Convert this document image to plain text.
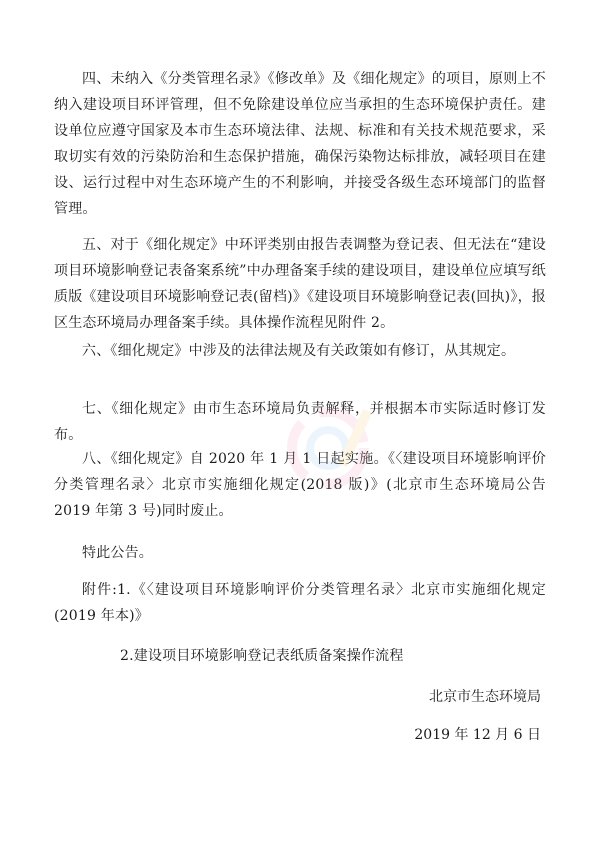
四、未纳入《分类管理名录》《修改单》及《细化规定》的项目，原则上不纳入建设项目环评管理，但不免除建设单位应当承担的生态环境保护责任。建设单位应遵守国家及本市生态环境法律、法规、标准和有关技术规范要求，采取切实有效的污染防治和生态保护措施，确保污染物达标排放，减轻项目在建设、运行过程中对生态环境产生的不利影响，并接受各级生态环境部门的监督管理。

五、对于《细化规定》中环评类别由报告表调整为登记表、但无法在“建设项目环境影响登记表备案系统”中办理备案手续的建设项目，建设单位应填写纸质版《建设项目环境影响登记表(留档)》《建设项目环境影响登记表(回执)》，报区生态环境局办理备案手续。具体操作流程见附件 2。

六、《细化规定》中涉及的法律法规及有关政策如有修订，从其规定。

七、《细化规定》由市生态环境局负责解释，并根据本市实际适时修订发布。

八、《细化规定》自 2020 年 1 月 1 日起实施。《〈建设项目环境影响评价分类管理名录〉北京市实施细化规定(2018 版)》(北京市生态环境局公告 2019 年第 3 号)同时废止。

特此公告。

附件:1.《〈建设项目环境影响评价分类管理名录〉北京市实施细化规定(2019 年本)》

2.建设项目环境影响登记表纸质备案操作流程

北京市生态环境局
2019 年 12 月 6 日
